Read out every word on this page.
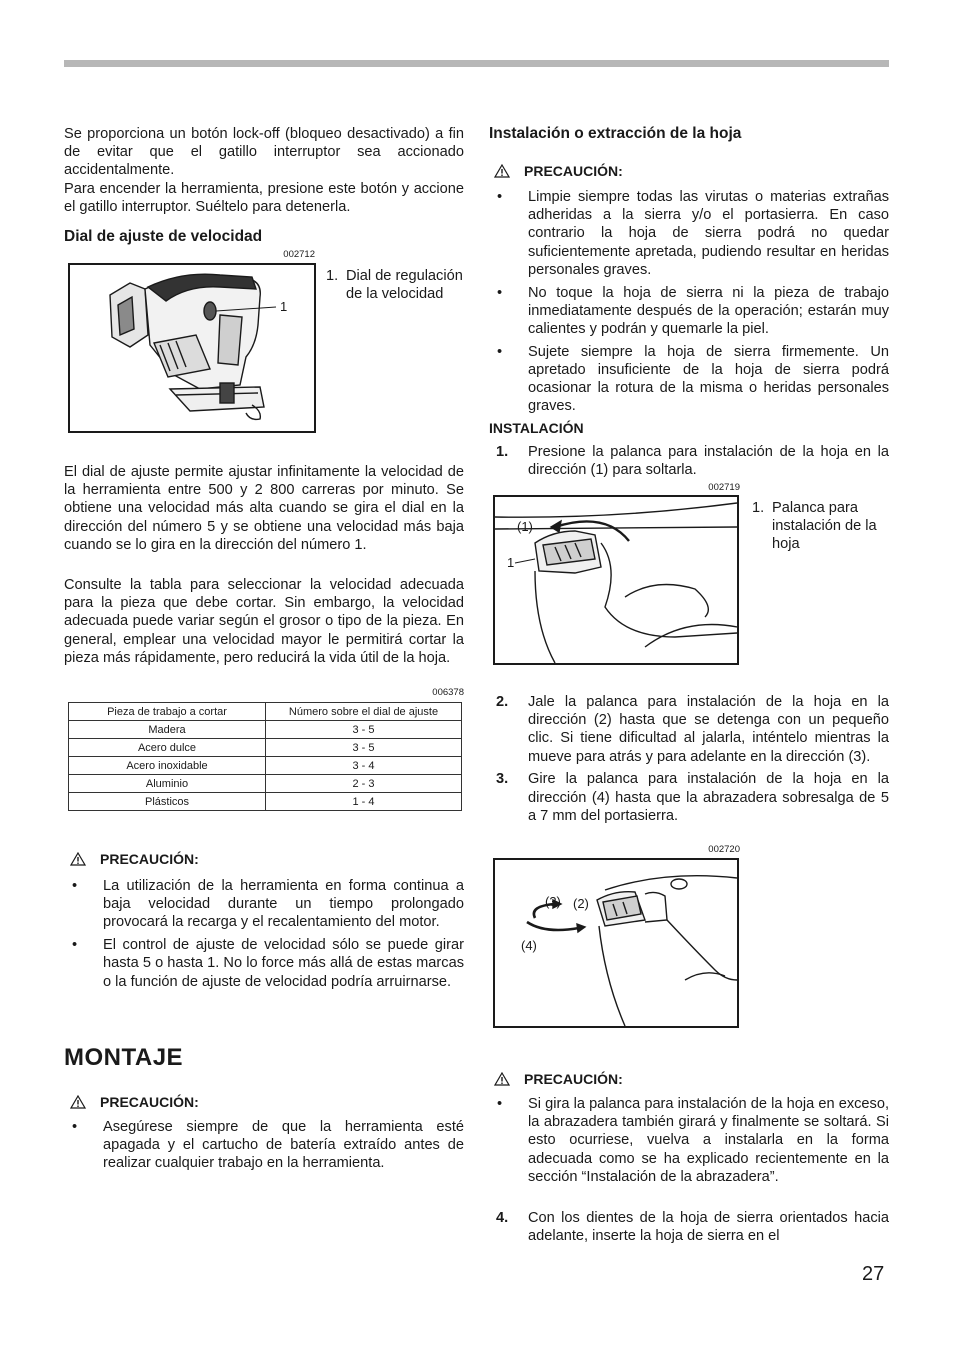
Se proporciona un botón lock-off (bloqueo desactivado) a fin de evitar que el gatillo interruptor sea accionado accidentalmente.

Para encender la herramienta, presione este botón y accione el gatillo interruptor. Suéltelo para detenerla.

Dial de ajuste de velocidad
002712
1
1. Dial de regulación de la velocidad

El dial de ajuste permite ajustar infinitamente la velocidad de la herramienta entre 500 y 2 800 carreras por minuto. Se obtiene una velocidad más alta cuando se gira el dial en la dirección del número 5 y se obtiene una velocidad más baja cuando se lo gira en la dirección del número 1.

Consulte la tabla para seleccionar la velocidad adecuada para la pieza que debe cortar. Sin embargo, la velocidad adecuada puede variar según el grosor o tipo de la pieza. En general, emplear una velocidad mayor le permitirá cortar la pieza más rápidamente, pero reducirá la vida útil de la hoja.

006378
Pieza de trabajo a cortar	Número sobre el dial de ajuste
Madera	3 - 5
Acero dulce	3 - 5
Acero inoxidable	3 - 4
Aluminio	2 - 3
Plásticos	1 - 4
PRECAUCIÓN:
• La utilización de la herramienta en forma continua a baja velocidad durante un tiempo prolongado provocará la recarga y el recalentamiento del motor.
• El control de ajuste de velocidad sólo se puede girar hasta 5 o hasta 1. No lo force más allá de estas marcas o la función de ajuste de velocidad podría arruirnarse.
MONTAJE
PRECAUCIÓN:
• Asegúrese siempre de que la herramienta esté apagada y el cartucho de batería extraído antes de realizar cualquier trabajo en la herramienta.
Instalación o extracción de la hoja
PRECAUCIÓN:
• Limpie siempre todas las virutas o materias extrañas adheridas a la sierra y/o el portasierra. En caso contrario la hoja de sierra podrá no quedar suficientemente apretada, pudiendo resultar en heridas personales graves.
• No toque la hoja de sierra ni la pieza de trabajo inmediatamente después de la operación; estarán muy calientes y podrán y quemarle la piel.
• Sujete siempre la hoja de sierra firmemente. Un apretado insuficiente de la hoja de sierra podrá ocasionar la rotura de la misma o heridas personales graves.
INSTALACIÓN
1. Presione la palanca para instalación de la hoja en la dirección (1) para soltarla.
002719
(1)
1
1. Palanca para instalación de la hoja
2. Jale la palanca para instalación de la hoja en la dirección (2) hasta que se detenga con un pequeño clic. Si tiene dificultad al jalarla, inténtelo mientras la mueve para atrás y para adelante en la dirección (3).
3. Gire la palanca para instalación de la hoja en la dirección (4) hasta que la abrazadera sobresalga de 5 a 7 mm del portasierra.
002720
(3) (2)
(4)
PRECAUCIÓN:
• Si gira la palanca para instalación de la hoja en exceso, la abrazadera también girará y finalmente se soltará. Si esto ocurriese, vuelva a instalarla en la forma adecuada como se ha explicado recientemente en la sección “Instalación de la abrazadera”.
4. Con los dientes de la hoja de sierra orientados hacia adelante, inserte la hoja de sierra en el
27
